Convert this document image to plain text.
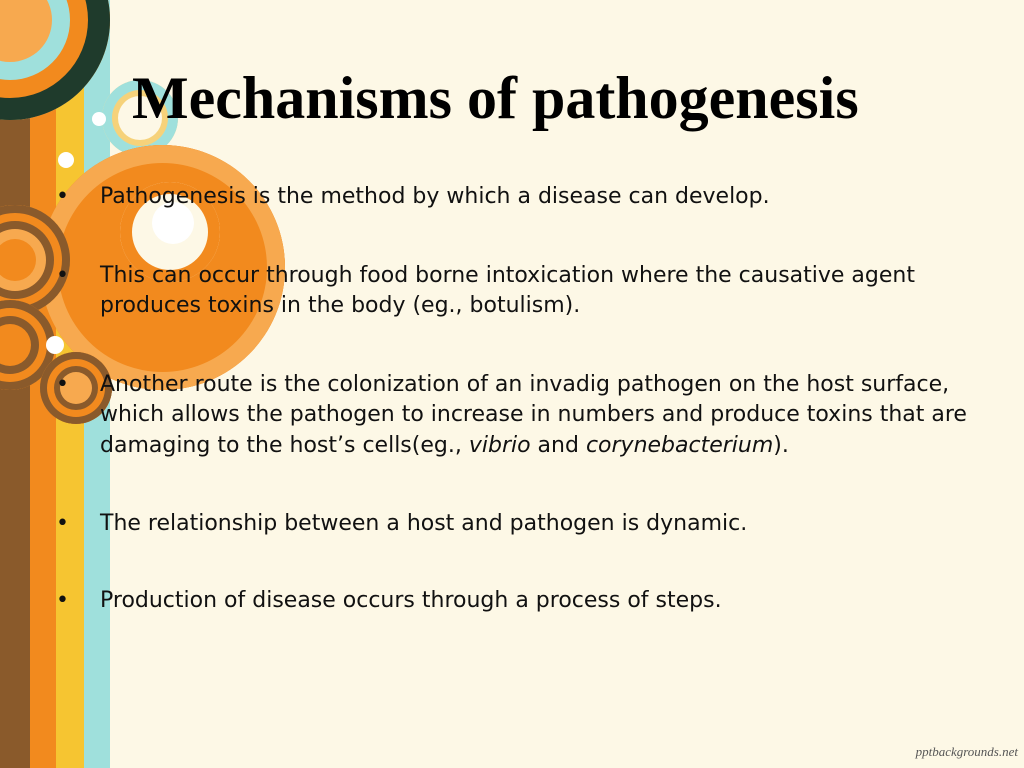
Mechanisms of pathogenesis
• Pathogenesis is the method by which a disease can develop.
• This can occur through food borne intoxication where the causative agent produces toxins in the body (eg., botulism).
• Another route is the colonization of an invadig pathogen on the host surface, which allows the pathogen to increase in numbers and produce toxins that are damaging to the host’s cells(eg., vibrio and corynebacterium).
• The relationship between a host and pathogen is dynamic.
• Production of disease occurs through a process of steps.
pptbackgrounds.net
